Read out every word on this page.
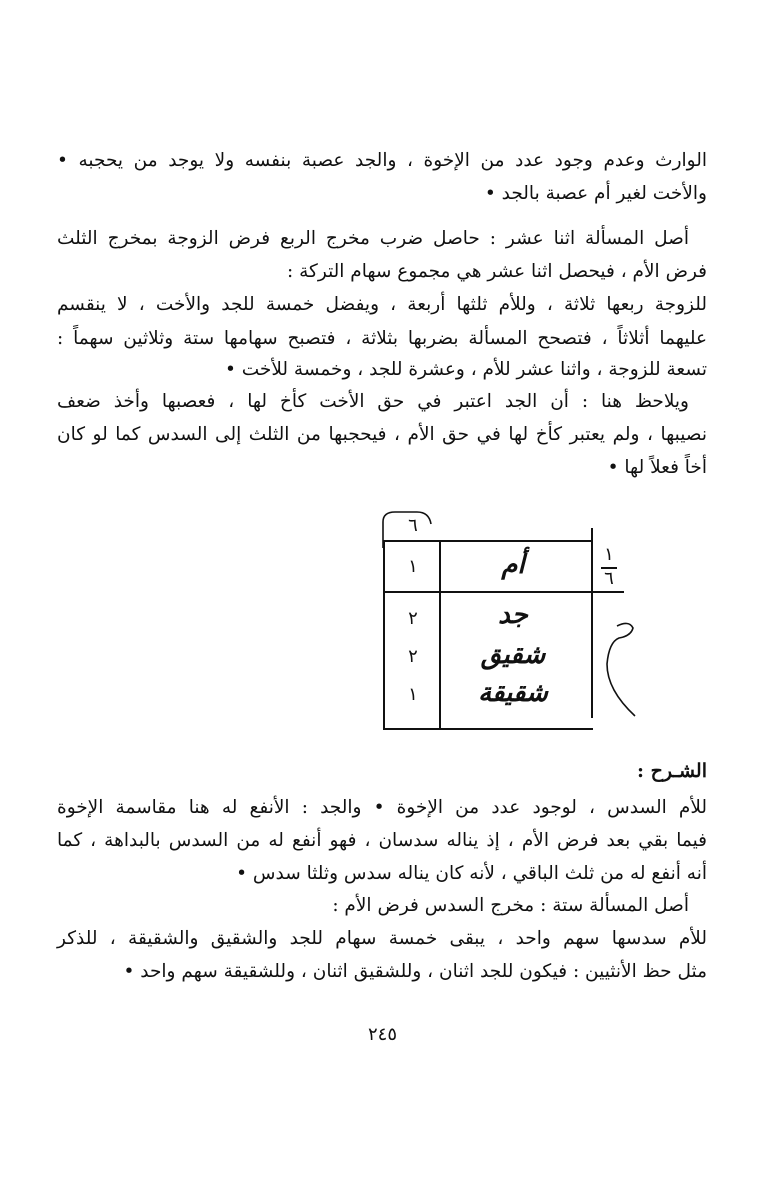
الوارث وعدم وجود عدد من الإخوة ، والجد عصبة بنفسه ولا يوجد من يحجبه •
والأخت لغير أم عصبة بالجد •
أصل المسألة اثنا عشر : حاصل ضرب مخرج الربع فرض الزوجة بمخرج الثلث
فرض الأم ، فيحصل اثنا عشر هي مجموع سهام التركة :
للزوجة ربعها ثلاثة ، وللأم ثلثها أربعة ، ويفضل خمسة للجد والأخت ، لا ينقسم
عليهما أثلاثاً ، فتصحح المسألة بضربها بثلاثة ، فتصبح سهامها ستة وثلاثين سهماً :
تسعة للزوجة ، واثنا عشر للأم ، وعشرة للجد ، وخمسة للأخت •
ويلاحظ هنا : أن الجد اعتبر في حق الأخت كأخ لها ، فعصبها وأخذ ضعف
نصيبها ، ولم يعتبر كأخ لها في حق الأم ، فيحجبها من الثلث إلى السدس كما لو كان
أخاً فعلاً لها •
٦
١	أم
٢	جد
٢	شقيق
١	شقيقة
١
٦
الشـرح :
للأم السدس ، لوجود عدد من الإخوة • والجد : الأنفع له هنا مقاسمة الإخوة
فيما بقي بعد فرض الأم ، إذ يناله سدسان ، فهو أنفع له من السدس بالبداهة ، كما
أنه أنفع له من ثلث الباقي ، لأنه كان يناله سدس وثلثا سدس •
أصل المسألة ستة : مخرج السدس فرض الأم :
للأم سدسها سهم واحد ، يبقى خمسة سهام للجد والشقيق والشقيقة ، للذكر
مثل حظ الأنثيين : فيكون للجد اثنان ، وللشقيق اثنان ، وللشقيقة سهم واحد •
٢٤٥
